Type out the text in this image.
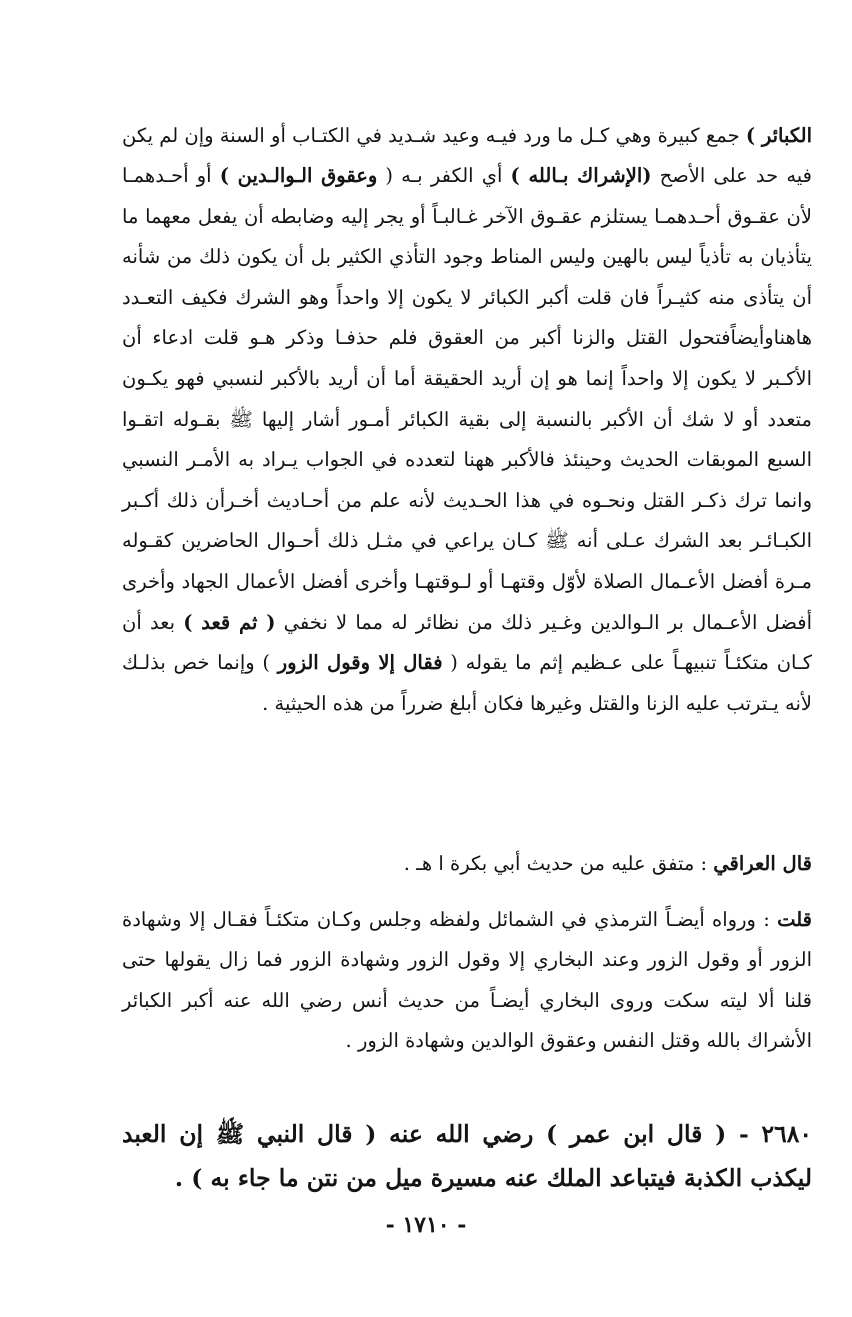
الكبائر ) جمع كبيرة وهي كـل ما ورد فيـه وعيد شـديد في الكتـاب أو السنة وإن لم يكن فيه حد على الأصح (الإشراك بـالله ) أي الكفر بـه ( وعقوق الـوالـدين ) أو أحـدهمـا لأن عقـوق أحـدهمـا يستلزم عقـوق الآخر غـالبـاً أو يجر إليه وضابطه أن يفعل معهما ما يتأذيان به تأذياً ليس بالهين وليس المناط وجود التأذي الكثير بل أن يكون ذلك من شأنه أن يتأذى منه كثيـراً فان قلت أكبر الكبائر لا يكون إلا واحداً وهو الشرك فكيف التعـدد هاهناوأيضاًفتحول القتل والزنا أكبر من العقوق فلم حذفـا وذكر هـو قلت ادعاء أن الأكـبر لا يكون إلا واحداً إنما هو إن أريد الحقيقة أما أن أريد بالأكبر لنسبي فهو يكـون متعدد أو لا شك أن الأكبر بالنسبة إلى بقية الكبائر أمـور أشار إليها ﷺ بقـوله اتقـوا السبع الموبقات الحديث وحينئذ فالأكبر ههنا لتعدده في الجواب يـراد به الأمـر النسبي وانما ترك ذكـر القتل ونحـوه في هذا الحـديث لأنه علم من أحـاديث أخـرأن ذلك أكـبر الكبـائـر بعد الشرك عـلى أنه ﷺ كـان يراعي في مثـل ذلك أحـوال الحاضرين كقـوله مـرة أفضل الأعـمال الصلاة لأوّل وقتهـا أو لـوقتهـا وأخرى أفضل الأعمال الجهاد وأخرى أفضل الأعـمال بر الـوالدين وغـير ذلك من نظائر له مما لا نخفي ( ثم قعد ) بعد أن كـان متكئـاً تنبيهـاً على عـظيم إثم ما يقوله ( فقال إلا وقول الزور ) وإنما خص بذلـك لأنه يـترتب عليه الزنا والقتل وغيرها فكان أبلغ ضرراً من هذه الحيثية .

قال العراقي : متفق عليه من حديث أبي بكرة ا هـ .

قلت : ورواه أيضـاً الترمذي في الشمائل ولفظه وجلس وكـان متكئـاً فقـال إلا وشهادة الزور أو وقول الزور وعند البخاري إلا وقول الزور وشهادة الزور فما زال يقولها حتى قلنا ألا ليته سكت وروى البخاري أيضـاً من حديث أنس رضي الله عنه أكبر الكبائر الأشراك بالله وقتل النفس وعقوق الوالدين وشهادة الزور .

٢٦٨٠ - ( قال ابن عمر ) رضي الله عنه ( قال النبي ﷺ إن العبد ليكذب الكذبة فيتباعد الملك عنه مسيرة ميل من نتن ما جاء به ) .

- ١٧١٠ -
